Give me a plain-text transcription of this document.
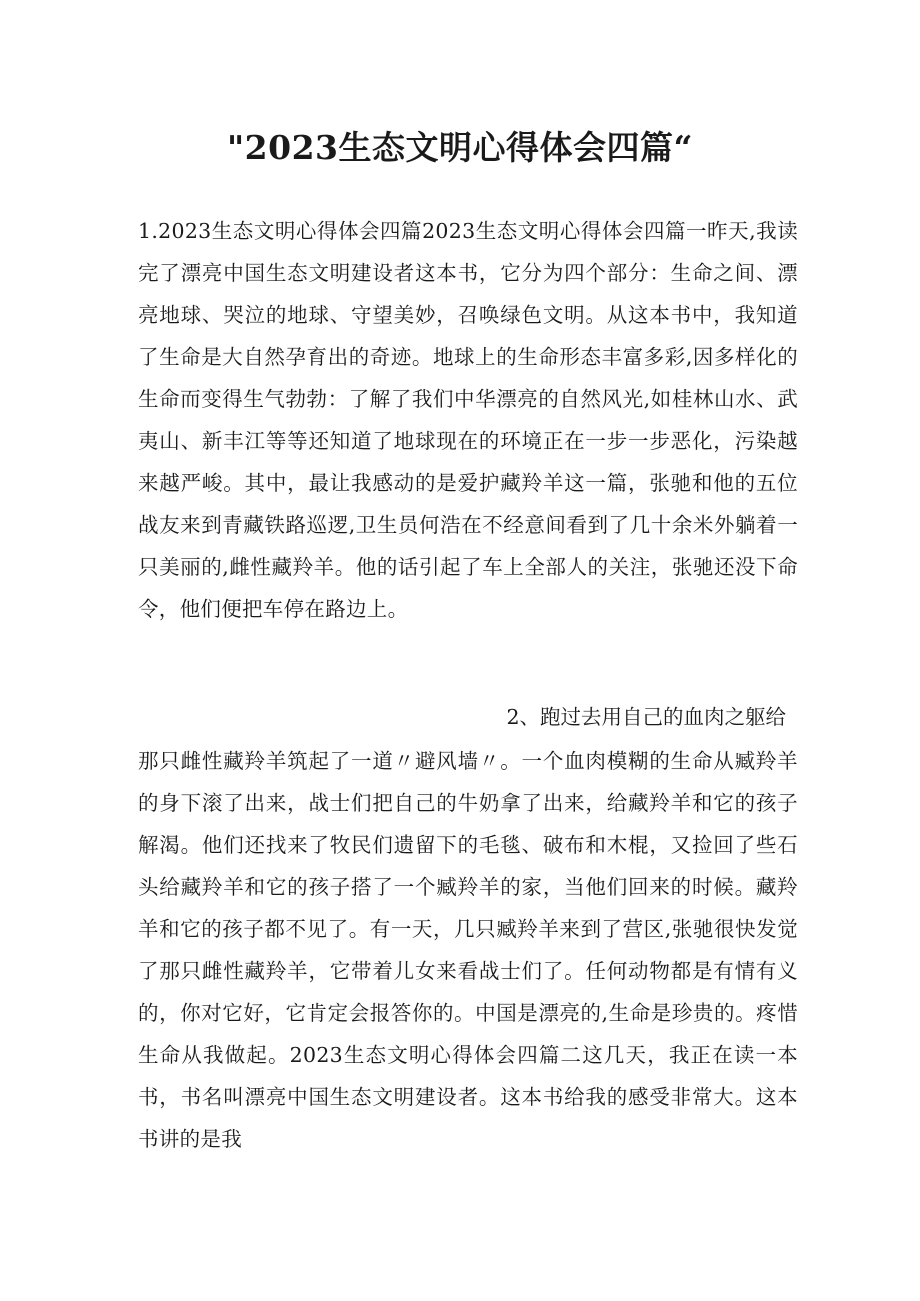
"2023生态文明心得体会四篇“
1.2023生态文明心得体会四篇2023生态文明心得体会四篇一昨天,我读完了漂亮中国生态文明建设者这本书，它分为四个部分：生命之间、漂亮地球、哭泣的地球、守望美妙，召唤绿色文明。从这本书中，我知道了生命是大自然孕育出的奇迹。地球上的生命形态丰富多彩,因多样化的生命而变得生气勃勃：了解了我们中华漂亮的自然风光,如桂林山水、武夷山、新丰江等等还知道了地球现在的环境正在一步一步恶化，污染越来越严峻。其中，最让我感动的是爱护藏羚羊这一篇，张驰和他的五位战友来到青藏铁路巡逻,卫生员何浩在不经意间看到了几十余米外躺着一只美丽的,雌性藏羚羊。他的话引起了车上全部人的关注，张驰还没下命令，他们便把车停在路边上。
2、跑过去用自己的血肉之躯给
那只雌性藏羚羊筑起了一道〃避风墙〃。一个血肉模糊的生命从臧羚羊的身下滚了出来，战士们把自己的牛奶拿了出来，给藏羚羊和它的孩子解渴。他们还找来了牧民们遗留下的毛毯、破布和木棍，又捡回了些石头给藏羚羊和它的孩子搭了一个臧羚羊的家，当他们回来的时候。藏羚羊和它的孩子都不见了。有一天，几只臧羚羊来到了营区,张驰很快发觉了那只雌性藏羚羊，它带着儿女来看战士们了。任何动物都是有情有义的，你对它好，它肯定会报答你的。中国是漂亮的,生命是珍贵的。疼惜生命从我做起。2023生态文明心得体会四篇二这几天，我正在读一本书，书名叫漂亮中国生态文明建设者。这本书给我的感受非常大。这本书讲的是我
